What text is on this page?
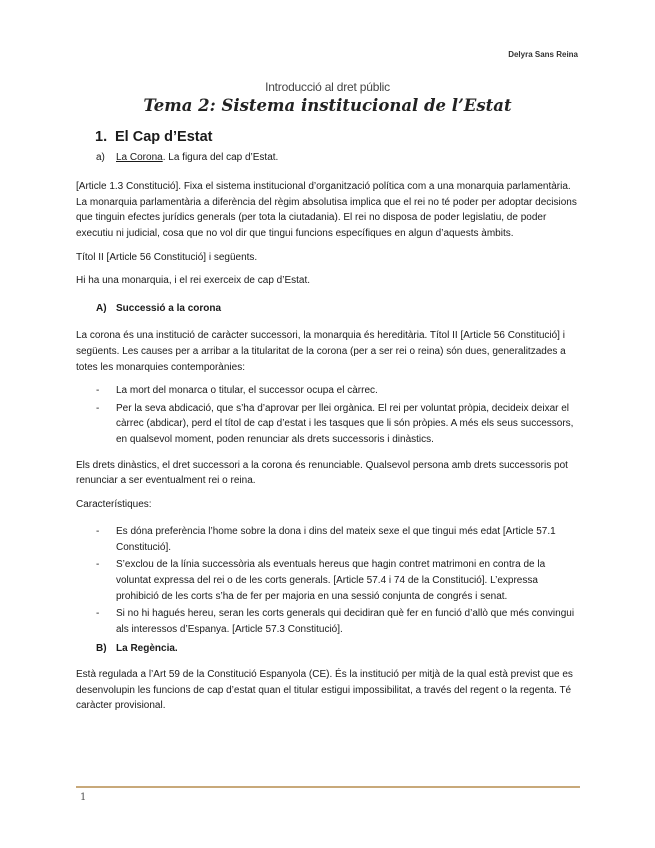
Delyra Sans Reina
Introducció al dret públic
Tema 2: Sistema institucional de l’Estat
1. El Cap d’Estat
a) La Corona. La figura del cap d’Estat.

[Article 1.3 Constitució]. Fixa el sistema institucional d’organització política com a una monarquia parlamentària. La monarquia parlamentària a diferència del règim absolutisa implica que el rei no té poder per adoptar decisions que tinguin efectes jurídics generals (per tota la ciutadania). El rei no disposa de poder legislatiu, de poder executiu ni judicial, cosa que no vol dir que tingui funcions específiques en algun d’aquests àmbits.

Títol II [Article 56 Constitució] i següents.

Hi ha una monarquia, i el rei exerceix de cap d’Estat.

A) Successió a la corona

La corona és una institució de caràcter successori, la monarquia és hereditària. Títol II [Article 56 Constitució] i següents. Les causes per a arribar a la titularitat de la corona (per a ser rei o reina) són dues, generalitzades a totes les monarquies contemporànies:

- La mort del monarca o titular, el successor ocupa el càrrec.
- Per la seva abdicació, que s’ha d’aprovar per llei orgànica. El rei per voluntat pròpia, decideix deixar el càrrec (abdicar), perd el títol de cap d’estat i les tasques que li són pròpies. A més els seus successors, en qualsevol moment, poden renunciar als drets successoris i dinàstics.

Els drets dinàstics, el dret successori a la corona és renunciable. Qualsevol persona amb drets successoris pot renunciar a ser eventualment rei o reina.

Característiques:

- Es dóna preferència l’home sobre la dona i dins del mateix sexe el que tingui més edat [Article 57.1 Constitució].
- S’exclou de la línia successòria als eventuals hereus que hagin contret matrimoni en contra de la voluntat expressa del rei o de les corts generals. [Article 57.4 i 74 de la Constitució]. L’expressa prohibició de les corts s’ha de fer per majoria en una sessió conjunta de congrés i senat.
- Si no hi hagués hereu, seran les corts generals qui decidiran què fer en funció d’allò que més convingui als interessos d’Espanya. [Article 57.3 Constitució].
B) La Regència.

Està regulada a l’Art 59 de la Constitució Espanyola (CE). És la institució per mitjà de la qual està previst que es desenvolupin les funcions de cap d’estat quan el titular estigui impossibilitat, a través del regent o la regenta. Té caràcter provisional.

1
